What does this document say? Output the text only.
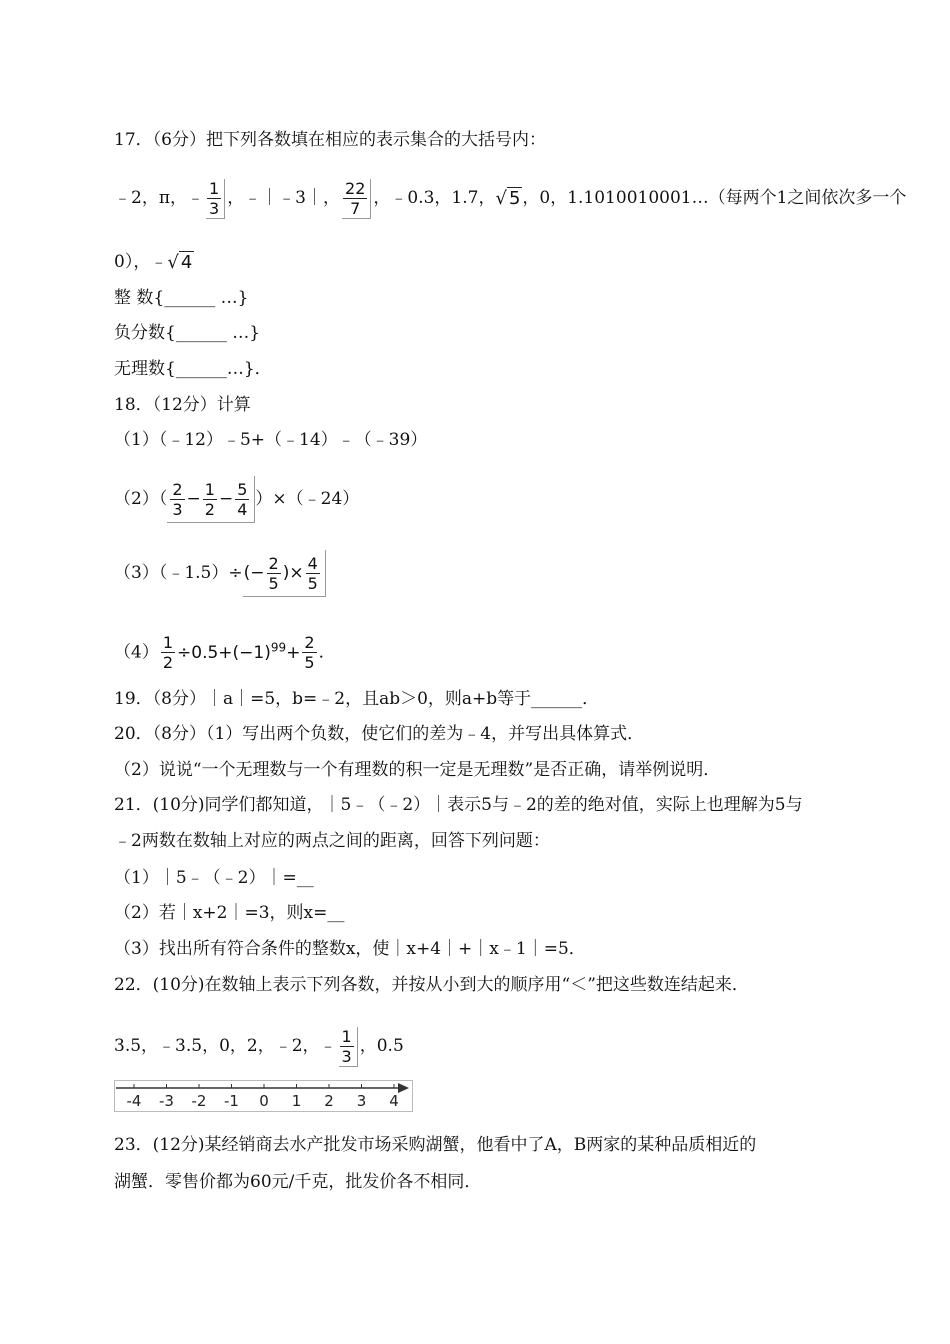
17．（6分）把下列各数填在相应的表示集合的大括号内：
﹣2，π，﹣ $\frac{1}{3}$ ，﹣｜﹣3｜， $\frac{22}{7}$ ，﹣0.3，1.7，√ 5 ，0，1.1010010001…（每两个1之间依次多一个
0），﹣√ 4
整 数{______ …}
负分数{______ …}
无理数{______…}．
18．（12分）计算
（1）（﹣12）﹣5+（﹣14）﹣（﹣39）
$(2)( \frac{2}{3} - \frac{1}{2} - \frac{5}{4}$ ）×（﹣24）
（3）（﹣1.5）÷(− $\frac{2}{5}$ )× $\frac{4}{5}$
$(4) \frac{1}{2} \div 0.5+(-1)^{99}+ \frac{2}{5}$ ．
19．（8分）｜a｜=5，b=﹣2，且ab＞0，则a+b等于______．
20．（8分）（1）写出两个负数，使它们的差为﹣4，并写出具体算式．
（2）说说“一个无理数与一个有理数的积一定是无理数”是否正确，请举例说明．
21．(10分)同学们都知道，｜5﹣（﹣2）｜表示5与﹣2的差的绝对值，实际上也理解为5与
﹣2两数在数轴上对应的两点之间的距离，回答下列问题：
（1）｜5﹣（﹣2）｜=__
（2）若｜x+2｜=3，则x=__
（3）找出所有符合条件的整数x，使｜x+4｜+｜x﹣1｜=5．
22．(10分)在数轴上表示下列各数，并按从小到大的顺序用“＜”把这些数连结起来．
3.5，﹣3.5，0，2，﹣2，﹣ $\frac{1}{3}$ ，0.5
-4 -3 -2 -1 0 1 2 3 4
23．(12分)某经销商去水产批发市场采购湖蟹，他看中了A，B两家的某种品质相近的
湖蟹．零售价都为60元/千克，批发价各不相同．
